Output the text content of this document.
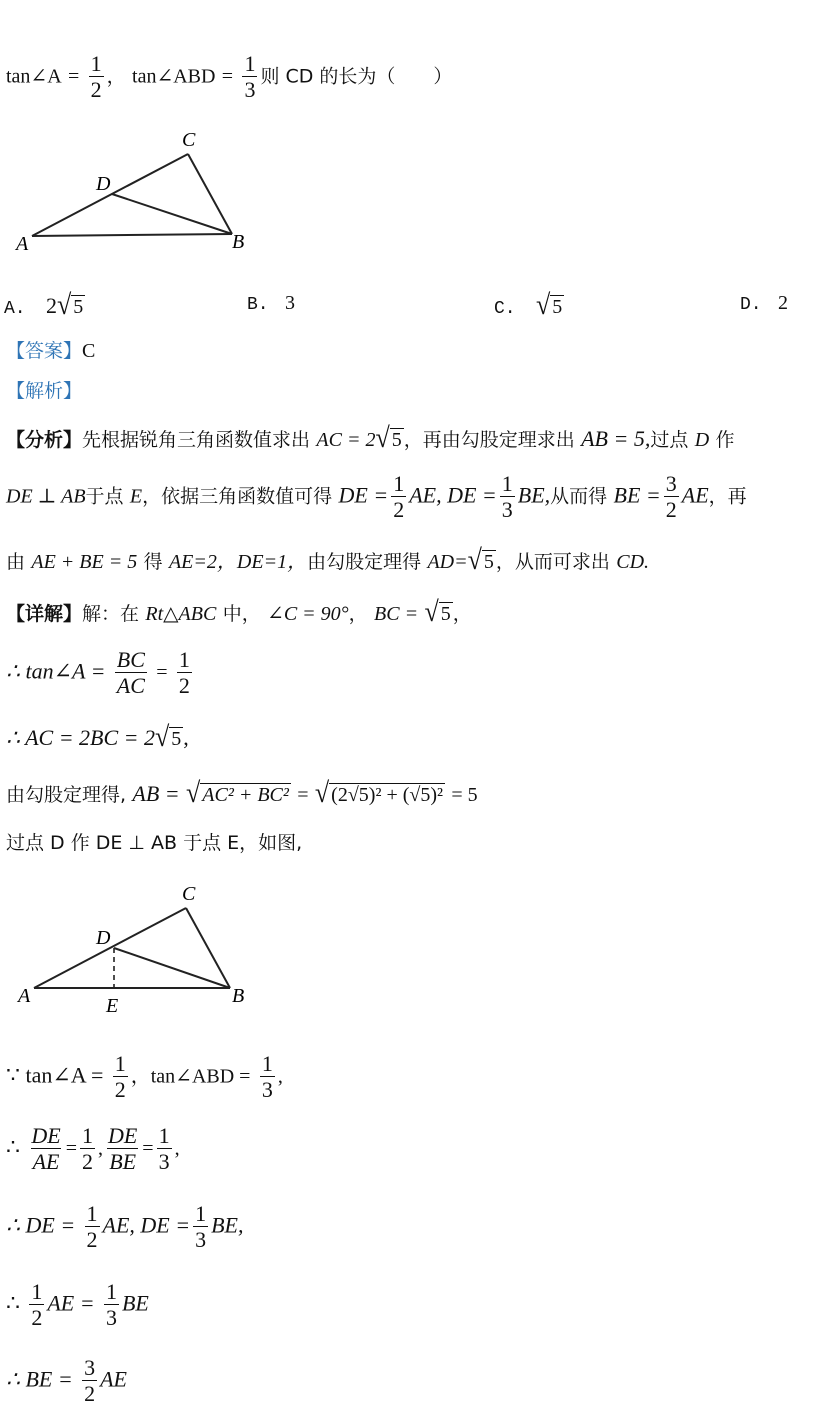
tan∠A = $\frac{1}{2}$ ， tan∠ABD = $\frac{1}{3}$ 则 CD 的长为（　　）
A	B
C
D
A. 2 √ 5	B. 3	C. √ 5	D. 2
【答案】C
【解析】
【分析】先根据锐角三角函数值求出 AC = 2 √ 5 ，再由勾股定理求出 AB = 5,过点 D 作
DE ⊥ AB于点 E，依据三角函数值可得 DE = $\frac{1}{2}$ AE, DE = $\frac{1}{3}$ BE,从而得 BE = $\frac{3}{2}$ AE，再
由 AE + BE = 5 得 AE=2，DE=1，由勾股定理得 AD= √ 5 ，从而可求出 CD.
【详解】解：在 Rt△ABC 中， ∠C = 90°， BC = √ 5 ，
∴ tan∠A = $\frac{BC}{AC} = \frac{1}{2}$
∴ AC = 2BC = 2 √ 5 ,
由勾股定理得, AB = √ AC² + BC² = √ (2√5)² + (√5)² = 5
过点 D 作 DE ⊥ AB 于点 E，如图,
A	B
C
D
E
∵ tan∠A = $\frac{1}{2}$ ，tan∠ABD = $\frac{1}{3}$ ,
∴ $\frac{DE}{AE} = \frac{1}{2}$ , $\frac{DE}{BE} = \frac{1}{3}$ ,
∴ DE = $\frac{1}{2}$ AE, DE = $\frac{1}{3}$ BE,
∴ $\frac{1}{2}$ AE = $\frac{1}{3}$ BE
∴ BE = $\frac{3}{2}$ AE
